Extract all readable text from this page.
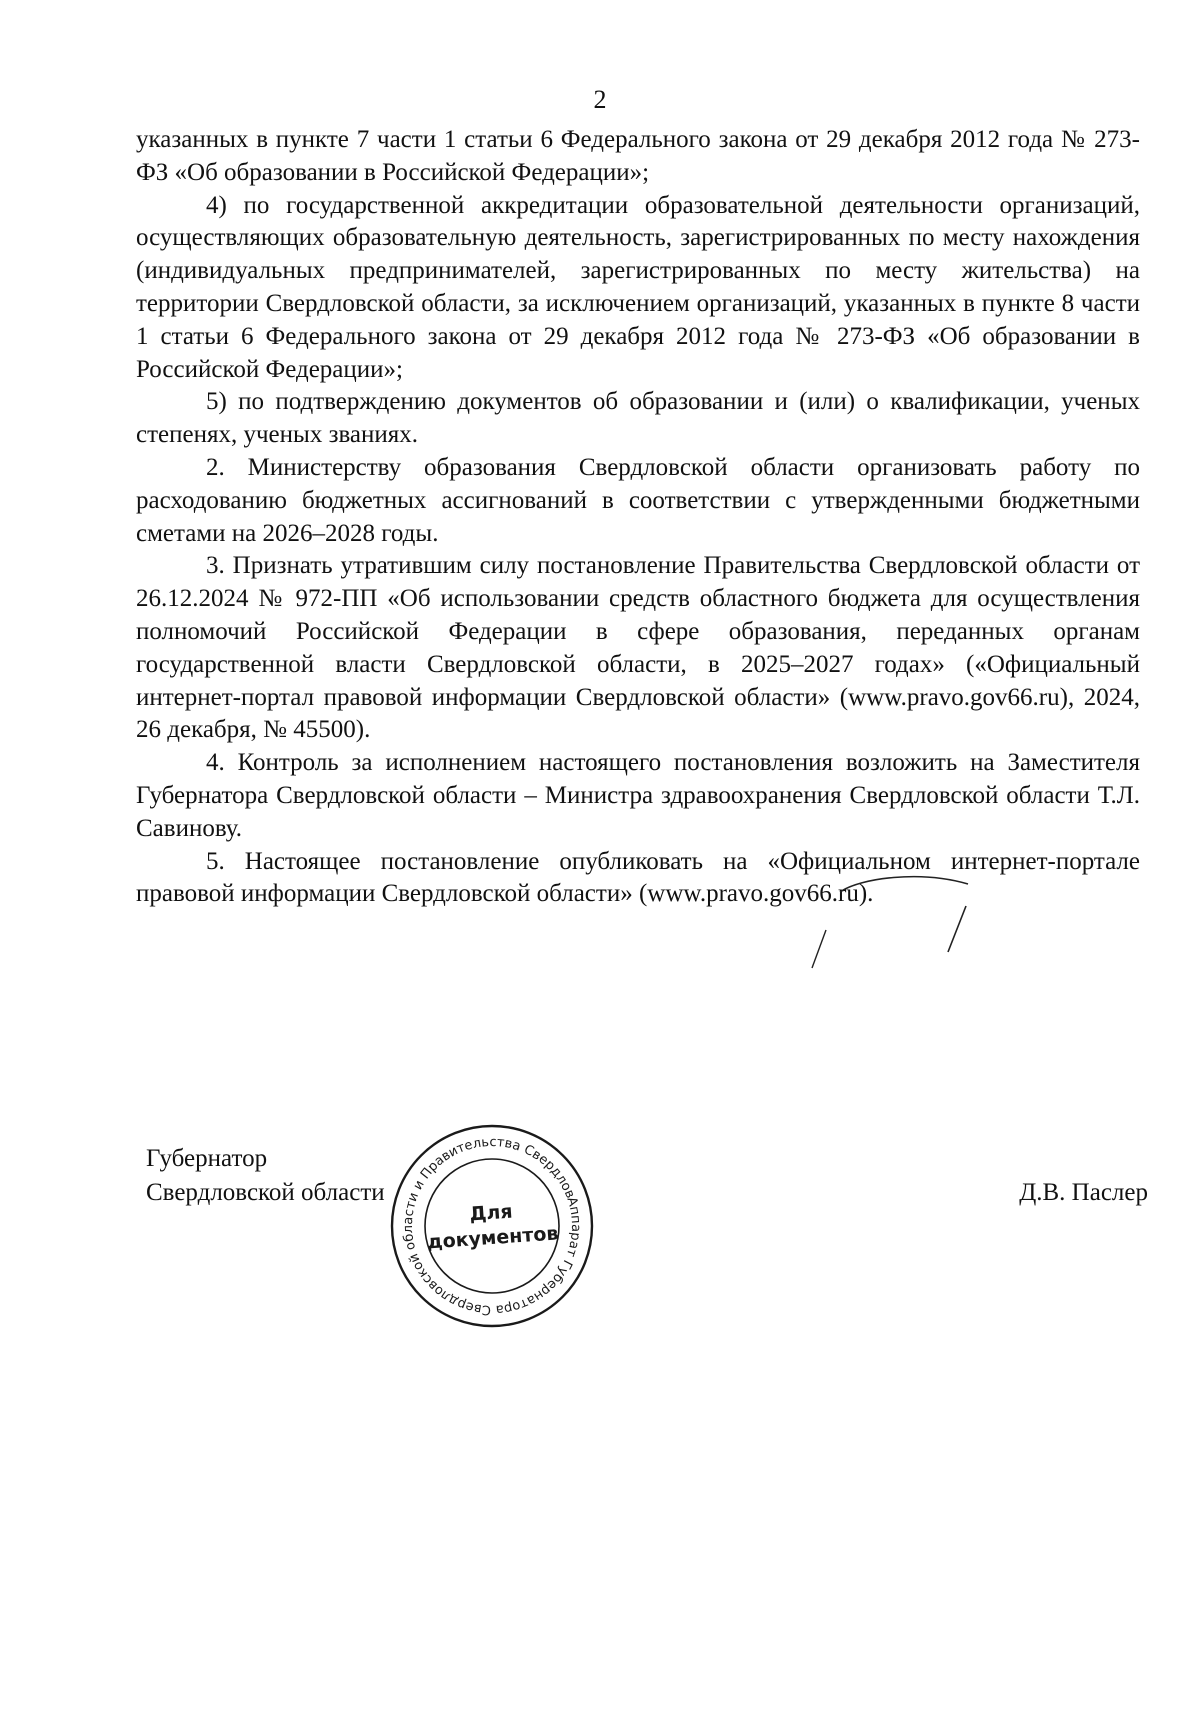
2

указанных в пункте 7 части 1 статьи 6 Федерального закона от 29 декабря 2012 года № 273-ФЗ «Об образовании в Российской Федерации»;

4) по государственной аккредитации образовательной деятельности организаций, осуществляющих образовательную деятельность, зарегистрированных по месту нахождения (индивидуальных предпринимателей, зарегистрированных по месту жительства) на территории Свердловской области, за исключением организаций, указанных в пункте 8 части 1 статьи 6 Федерального закона от 29 декабря 2012 года № 273-ФЗ «Об образовании в Российской Федерации»;

5) по подтверждению документов об образовании и (или) о квалификации, ученых степенях, ученых званиях.

2. Министерству образования Свердловской области организовать работу по расходованию бюджетных ассигнований в соответствии с утвержденными бюджетными сметами на 2026–2028 годы.

3. Признать утратившим силу постановление Правительства Свердловской области от 26.12.2024 № 972-ПП «Об использовании средств областного бюджета для осуществления полномочий Российской Федерации в сфере образования, переданных органам государственной власти Свердловской области, в 2025–2027 годах» («Официальный интернет-портал правовой информации Свердловской области» (www.pravo.gov66.ru), 2024, 26 декабря, № 45500).

4. Контроль за исполнением настоящего постановления возложить на Заместителя Губернатора Свердловской области – Министра здравоохранения Свердловской области Т.Л. Савинову.

5. Настоящее постановление опубликовать на «Официальном интернет-портале правовой информации Свердловской области» (www.pravo.gov66.ru).

Губернатор
Свердловской области	Д.В. Паслер
Аппарат Губернатора Свердловской области и Правительства Свердловской
Для
документов
